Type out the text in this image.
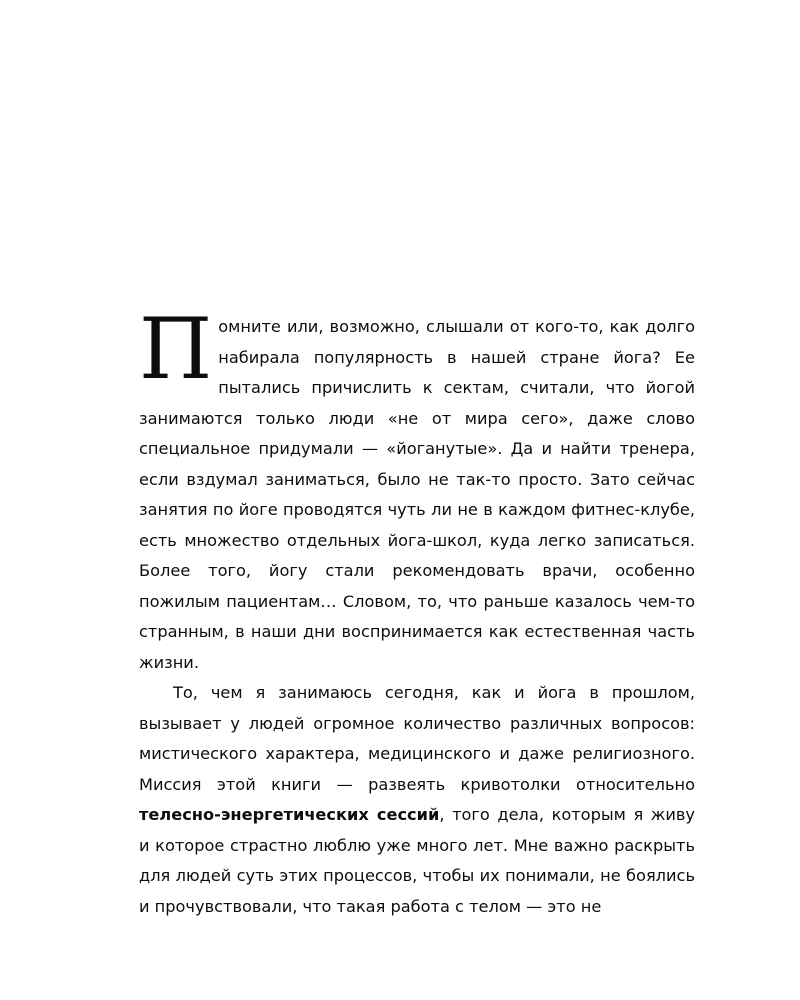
Помните или, возможно, слышали от кого-то, как долго набирала популярность в нашей стране йога? Ее пытались причислить к сектам, считали, что йогой занимаются только люди «не от мира сего», даже слово специальное придумали — «йоганутые». Да и найти тренера, если вздумал заниматься, было не так-то просто. Зато сейчас занятия по йоге проводятся чуть ли не в каждом фитнес-клубе, есть множество отдельных йога-школ, куда легко записаться. Более того, йогу стали рекомендовать врачи, особенно пожилым пациентам… Словом, то, что раньше казалось чем-то странным, в наши дни воспринимается как естественная часть жизни.

То, чем я занимаюсь сегодня, как и йога в прошлом, вызывает у людей огромное количество различных вопросов: мистического характера, медицинского и даже религиозного. Миссия этой книги — развеять кривотолки относительно телесно-энергетических сессий, того дела, которым я живу и которое страстно люблю уже много лет. Мне важно раскрыть для людей суть этих процессов, чтобы их понимали, не боялись и прочувствовали, что такая работа с телом — это не
